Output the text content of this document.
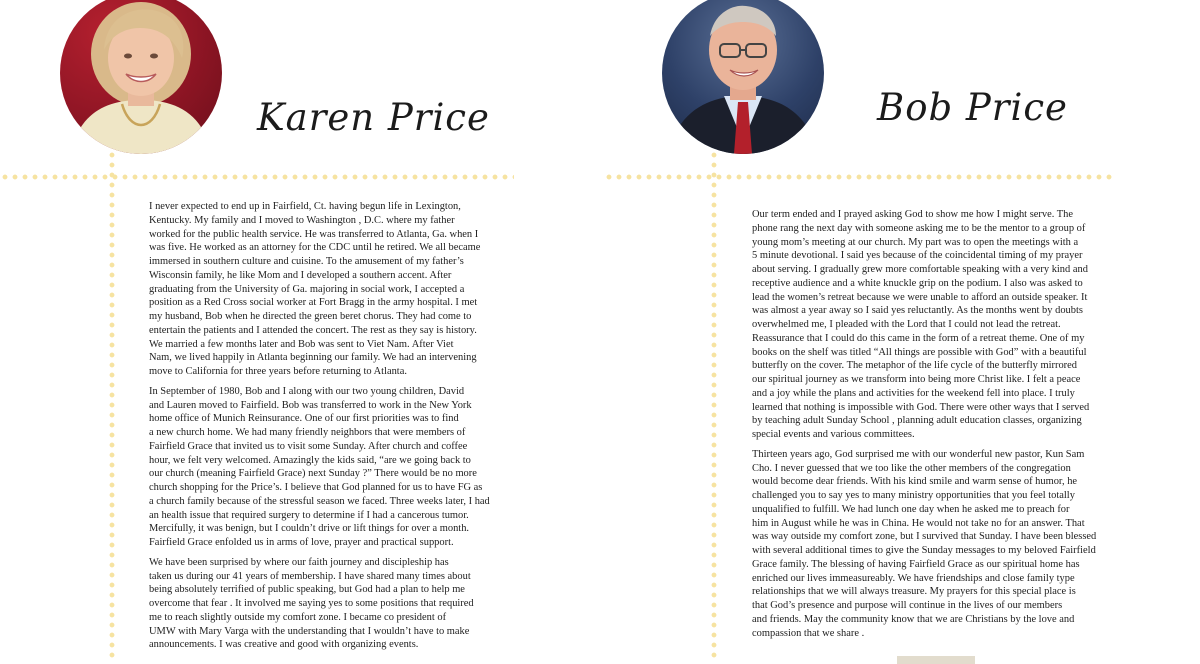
Karen Price	Bob Price

I never expected to end up in Fairfield, Ct. having begun life in Lexington,
Kentucky. My family and I moved to Washington , D.C. where my father
worked for the public health service. He was transferred to Atlanta, Ga. when I
was five. He worked as an attorney for the CDC until he retired. We all became
immersed in southern culture and cuisine. To the amusement of my father’s
Wisconsin family, he like Mom and I developed a southern accent. After
graduating from the University of Ga. majoring in social work, I accepted a
position as a Red Cross social worker at Fort Bragg in the army hospital. I met
my husband, Bob when he directed the green beret chorus. They had come to
entertain the patients and I attended the concert. The rest as they say is history.
We married a few months later and Bob was sent to Viet Nam. After Viet
Nam, we lived happily in Atlanta beginning our family. We had an intervening
move to California for three years before returning to Atlanta.

In September of 1980, Bob and I along with our two young children, David
and Lauren moved to Fairfield. Bob was transferred to work in the New York
home office of Munich Reinsurance. One of our first priorities was to find
a new church home. We had many friendly neighbors that were members of
Fairfield Grace that invited us to visit some Sunday. After church and coffee
hour, we felt very welcomed. Amazingly the kids said, “are we going back to
our church (meaning Fairfield Grace) next Sunday ?” There would be no more
church shopping for the Price’s. I believe that God planned for us to have FG as
a church family because of the stressful season we faced. Three weeks later, I had
an health issue that required surgery to determine if I had a cancerous tumor.
Mercifully, it was benign, but I couldn’t drive or lift things for over a month.
Fairfield Grace enfolded us in arms of love, prayer and practical support.

We have been surprised by where our faith journey and discipleship has
taken us during our 41 years of membership. I have shared many times about
being absolutely terrified of public speaking, but God had a plan to help me
overcome that fear . It involved me saying yes to some positions that required
me to reach slightly outside my comfort zone. I became co president of
UMW with Mary Varga with the understanding that I wouldn’t have to make
announcements. I was creative and good with organizing events.

Our term ended and I prayed asking God to show me how I might serve. The
phone rang the next day with someone asking me to be the mentor to a group of
young mom’s meeting at our church. My part was to open the meetings with a
5 minute devotional. I said yes because of the coincidental timing of my prayer
about serving. I gradually grew more comfortable speaking with a very kind and
receptive audience and a white knuckle grip on the podium. I also was asked to
lead the women’s retreat because we were unable to afford an outside speaker. It
was almost a year away so I said yes reluctantly. As the months went by doubts
overwhelmed me, I pleaded with the Lord that I could not lead the retreat.
Reassurance that I could do this came in the form of a retreat theme. One of my
books on the shelf was titled “All things are possible with God” with a beautiful
butterfly on the cover. The metaphor of the life cycle of the butterfly mirrored
our spiritual journey as we transform into being more Christ like. I felt a peace
and a joy while the plans and activities for the weekend fell into place. I truly
learned that nothing is impossible with God. There were other ways that I served
by teaching adult Sunday School , planning adult education classes, organizing
special events and various committees.

Thirteen years ago, God surprised me with our wonderful new pastor, Kun Sam
Cho. I never guessed that we too like the other members of the congregation
would become dear friends. With his kind smile and warm sense of humor, he
challenged you to say yes to many ministry opportunities that you feel totally
unqualified to fulfill. We had lunch one day when he asked me to preach for
him in August while he was in China. He would not take no for an answer. That
was way outside my comfort zone, but I survived that Sunday. I have been blessed
with several additional times to give the Sunday messages to my beloved Fairfield
Grace family. The blessing of having Fairfield Grace as our spiritual home has
enriched our lives immeasureably. We have friendships and close family type
relationships that we will always treasure. My prayers for this special place is
that God’s presence and purpose will continue in the lives of our members
and friends. May the community know that we are Christians by the love and
compassion that we share .
